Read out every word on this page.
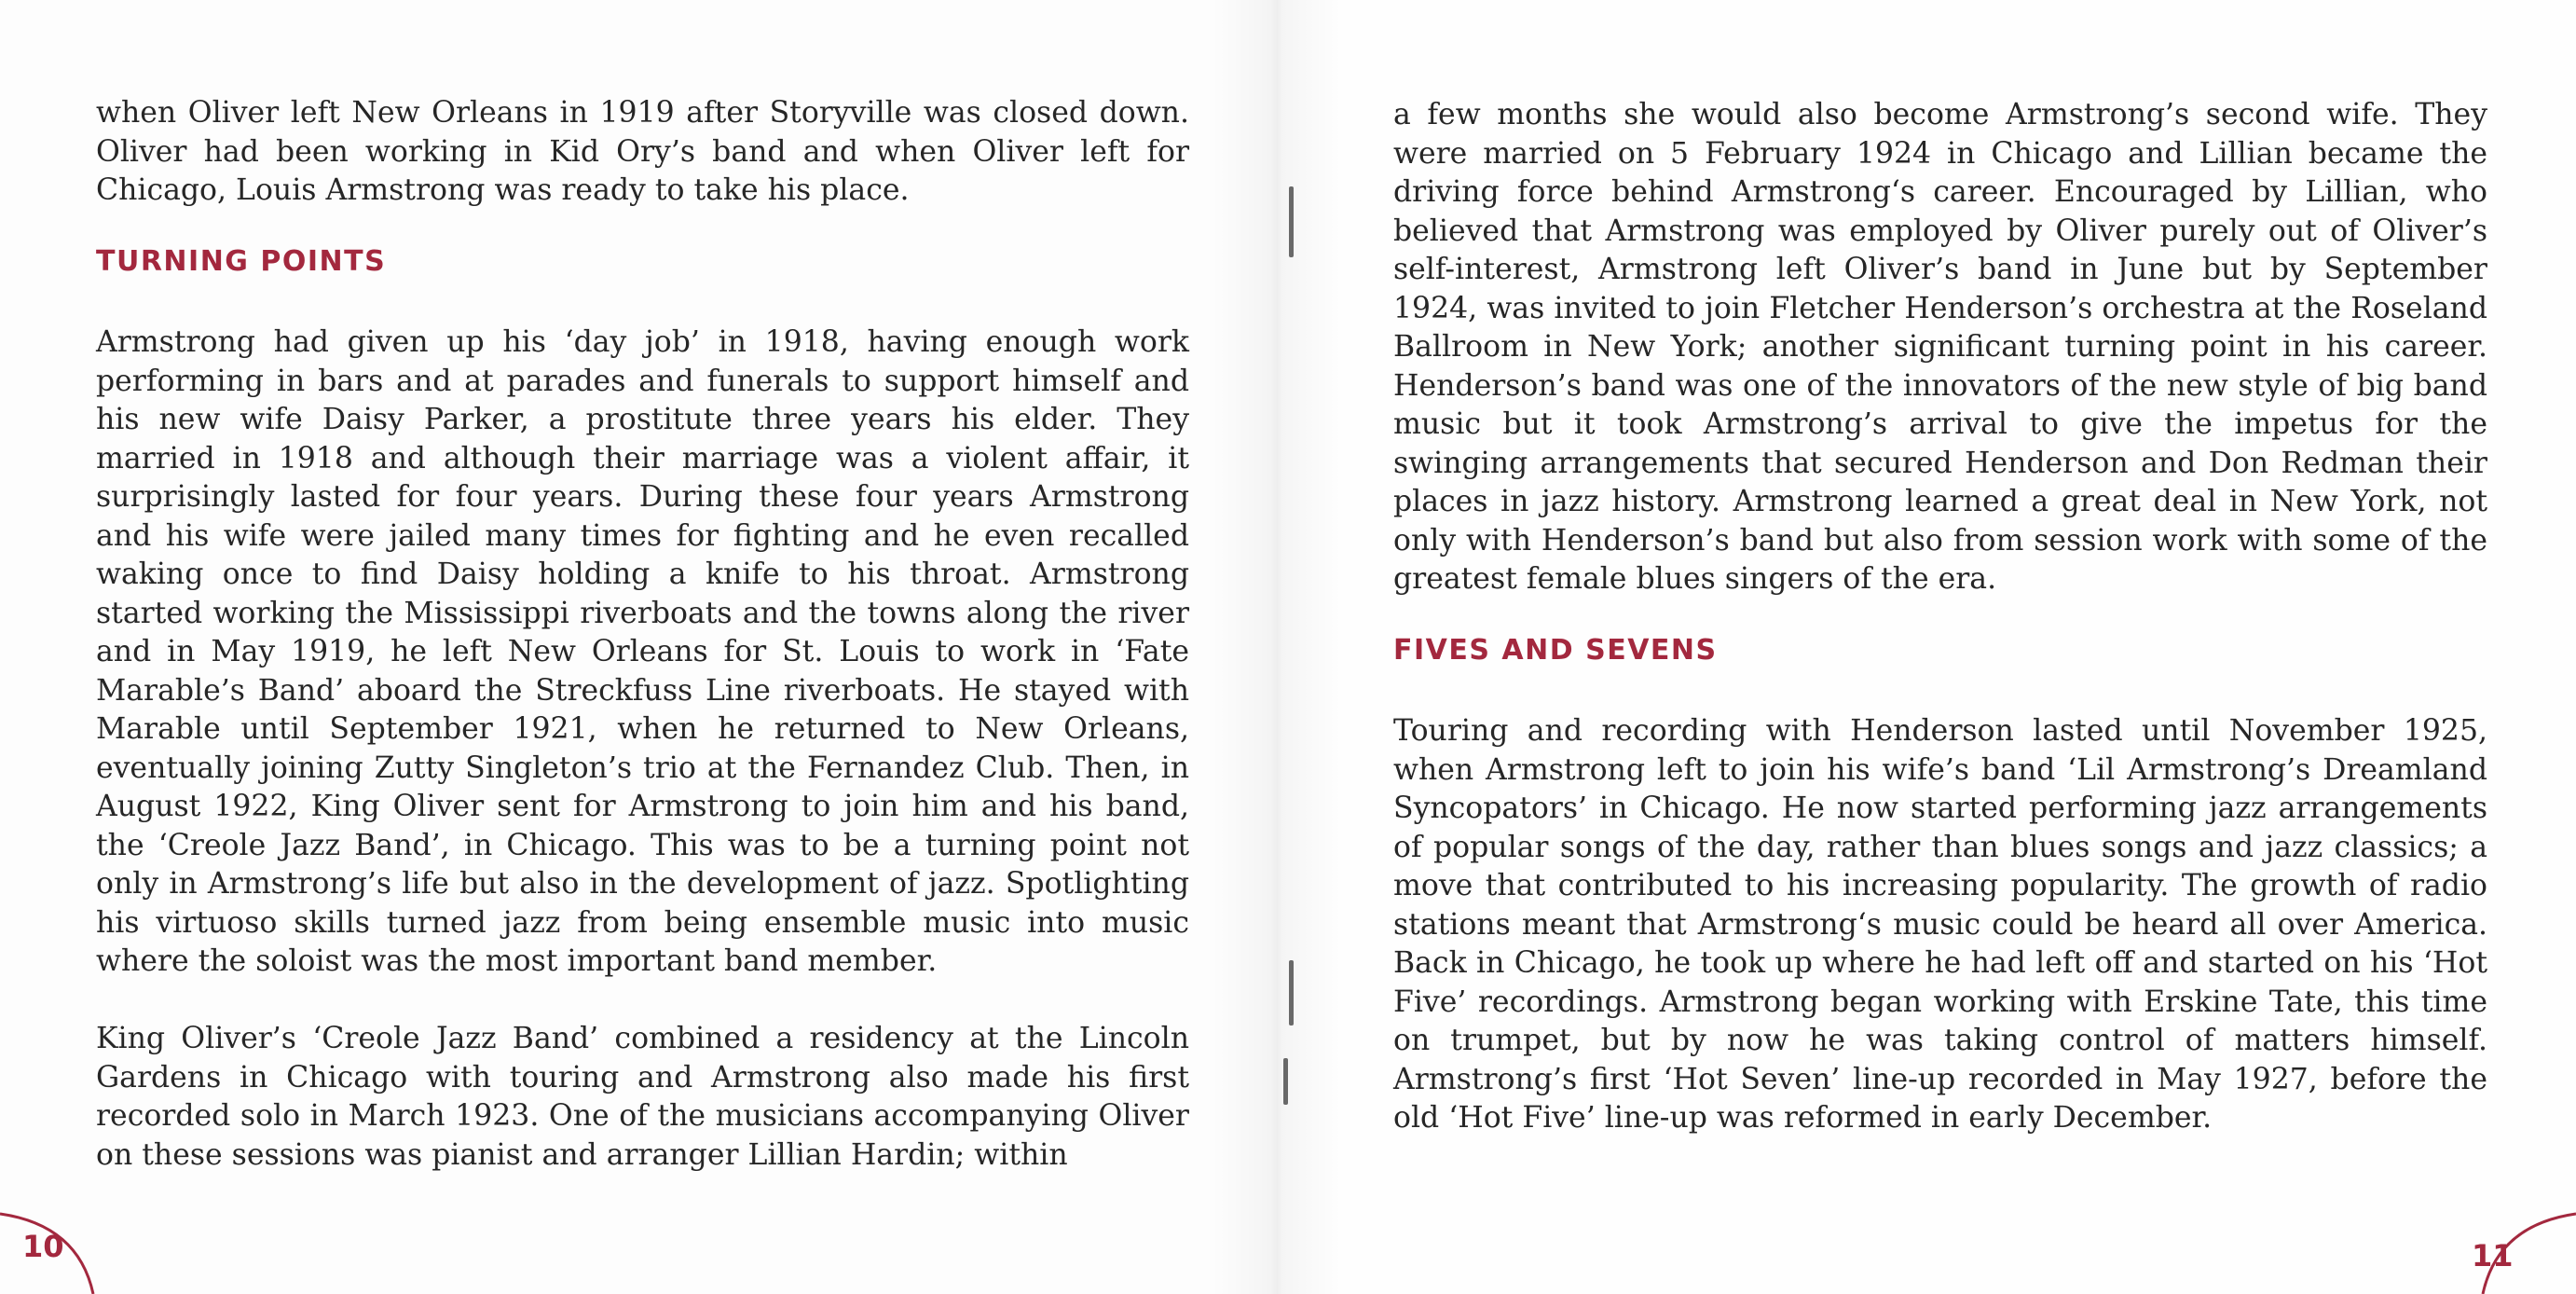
when Oliver left New Orleans in 1919 after Storyville was closed down. Oliver had been working in Kid Ory’s band and when Oliver left for Chicago, Louis Armstrong was ready to take his place.

TURNING POINTS

Armstrong had given up his ‘day job’ in 1918, having enough work performing in bars and at parades and funerals to support himself and his new wife Daisy Parker, a prostitute three years his elder. They married in 1918 and although their marriage was a violent affair, it surprisingly lasted for four years. During these four years Armstrong and his wife were jailed many times for fighting and he even recalled waking once to find Daisy holding a knife to his throat. Armstrong started working the Mississippi riverboats and the towns along the river and in May 1919, he left New Orleans for St. Louis to work in ‘Fate Marable’s Band’ aboard the Streckfuss Line riverboats. He stayed with Marable until September 1921, when he returned to New Orleans, eventually joining Zutty Singleton’s trio at the Fernandez Club. Then, in August 1922, King Oliver sent for Armstrong to join him and his band, the ‘Creole Jazz Band’, in Chicago. This was to be a turning point not only in Armstrong’s life but also in the development of jazz. Spotlighting his virtuoso skills turned jazz from being ensemble music into music where the soloist was the most important band member.

King Oliver’s ‘Creole Jazz Band’ combined a residency at the Lincoln Gardens in Chicago with touring and Armstrong also made his first recorded solo in March 1923. One of the musicians accompanying Oliver on these sessions was pianist and arranger Lillian Hardin; within

10	11

a few months she would also become Armstrong’s second wife. They were married on 5 February 1924 in Chicago and Lillian became the driving force behind Armstrong‘s career. Encouraged by Lillian, who believed that Armstrong was employed by Oliver purely out of Oliver’s self-interest, Armstrong left Oliver’s band in June but by September 1924, was invited to join Fletcher Henderson’s orchestra at the Roseland Ballroom in New York; another significant turning point in his career. Henderson’s band was one of the innovators of the new style of big band music but it took Armstrong’s arrival to give the impetus for the swinging arrangements that secured Henderson and Don Redman their places in jazz history. Armstrong learned a great deal in New York, not only with Henderson’s band but also from session work with some of the greatest female blues singers of the era.

FIVES AND SEVENS

Touring and recording with Henderson lasted until November 1925, when Armstrong left to join his wife’s band ‘Lil Armstrong’s Dreamland Syncopators’ in Chicago. He now started performing jazz arrangements of popular songs of the day, rather than blues songs and jazz classics; a move that contributed to his increasing popularity. The growth of radio stations meant that Armstrong‘s music could be heard all over America. Back in Chicago, he took up where he had left off and started on his ‘Hot Five’ recordings. Armstrong began working with Erskine Tate, this time on trumpet, but by now he was taking control of matters himself. Armstrong’s first ‘Hot Seven’ line-up recorded in May 1927, before the old ‘Hot Five’ line-up was reformed in early December.
